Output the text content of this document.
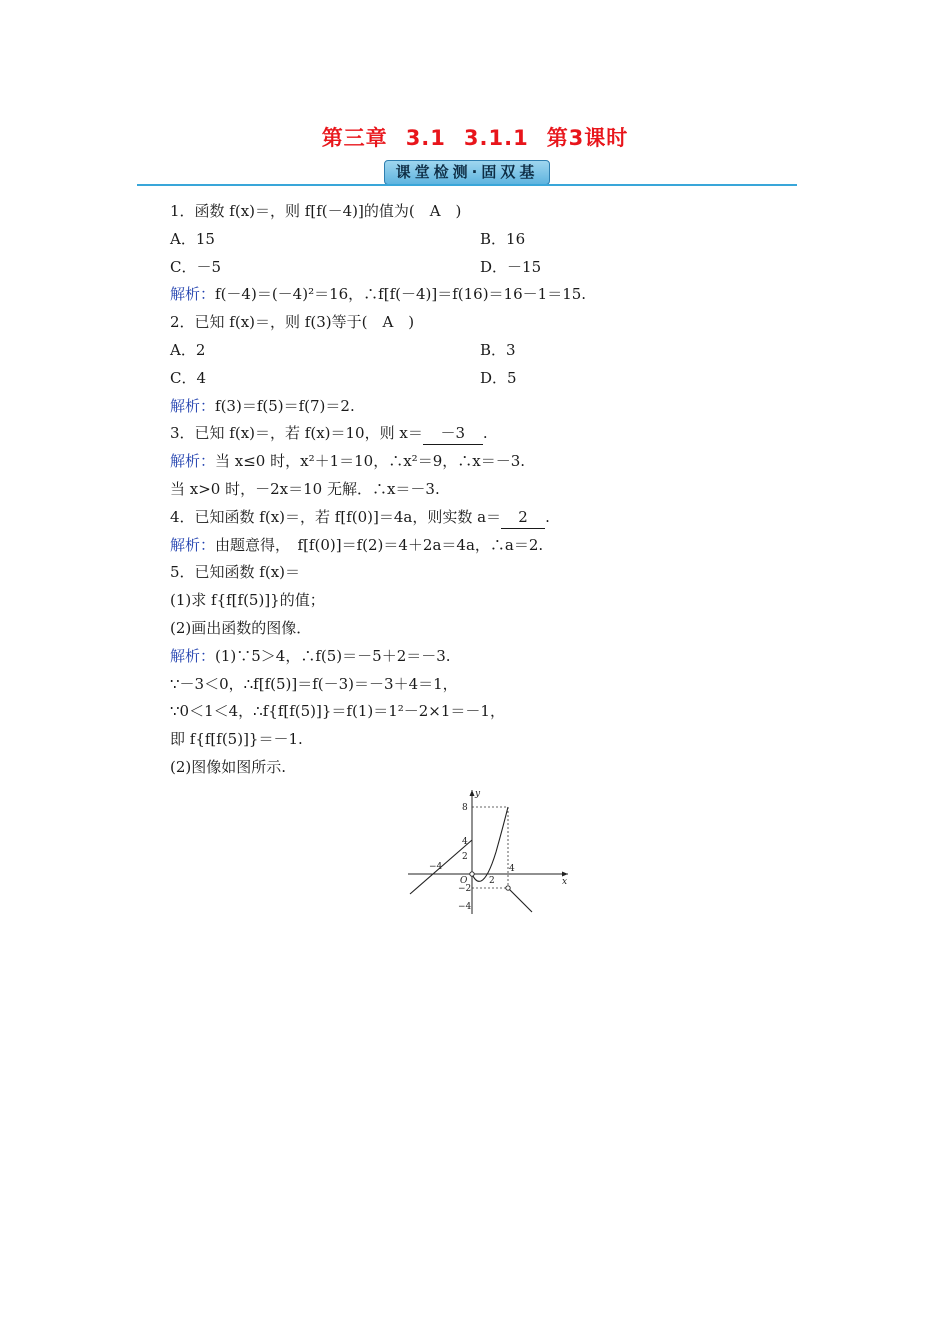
第三章 3.1 3.1.1 第3课时
课堂检测·固双基
1．函数 f(x)＝，则 f[f(－4)]的值为(　A　)
A．15	B．16
C．－5	D．－15
解析：f(－4)＝(－4)²＝16，∴f[f(－4)]＝f(16)＝16－1＝15.
2．已知 f(x)＝，则 f(3)等于(　A　)
A．2	B．3
C．4	D．5
解析：f(3)＝f(5)＝f(7)＝2.
3．已知 f(x)＝，若 f(x)＝10，则 x＝ －3 .
解析：当 x≤0 时，x²＋1＝10，∴x²＝9，∴x＝－3.
当 x>0 时，－2x＝10 无解．∴x＝－3.
4．已知函数 f(x)＝，若 f[f(0)]＝4a，则实数 a＝ 2 .
解析：由题意得，　f[f(0)]＝f(2)＝4＋2a＝4a，∴a＝2.
5．已知函数 f(x)＝
(1)求 f{f[f(5)]}的值；
(2)画出函数的图像．
解析：(1)∵5＞4，∴f(5)＝－5＋2＝－3.
∵－3＜0，∴f[f(5)]＝f(－3)＝－3＋4＝1，
∵0＜1＜4，∴f{f[f(5)]}＝f(1)＝1²－2×1＝－1，
即 f{f[f(5)]}＝－1.
(2)图像如图所示.
y
x
O
8
4
2
−2
−4
−4
2
4
